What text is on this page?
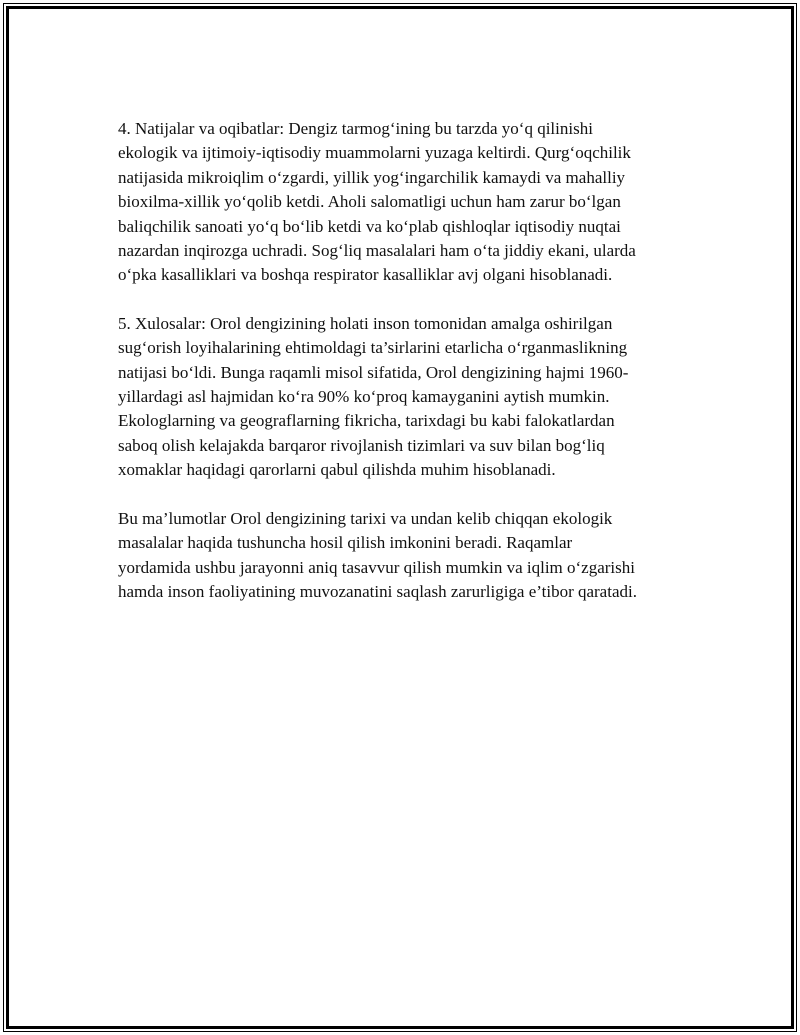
4. Natijalar va oqibatlar: Dengiz tarmog‘ining bu tarzda yo‘q qilinishi
ekologik va ijtimoiy-iqtisodiy muammolarni yuzaga keltirdi. Qurg‘oqchilik
natijasida mikroiqlim o‘zgardi, yillik yog‘ingarchilik kamaydi va mahalliy
bioxilma-xillik yo‘qolib ketdi. Aholi salomatligi uchun ham zarur bo‘lgan
baliqchilik sanoati yo‘q bo‘lib ketdi va ko‘plab qishloqlar iqtisodiy nuqtai
nazardan inqirozga uchradi. Sog‘liq masalalari ham o‘ta jiddiy ekani, ularda
o‘pka kasalliklari va boshqa respirator kasalliklar avj olgani hisoblanadi.

5. Xulosalar: Orol dengizining holati inson tomonidan amalga oshirilgan
sug‘orish loyihalarining ehtimoldagi ta’sirlarini etarlicha o‘rganmaslikning
natijasi bo‘ldi. Bunga raqamli misol sifatida, Orol dengizining hajmi 1960-
yillardagi asl hajmidan ko‘ra 90% ko‘proq kamayganini aytish mumkin.
Ekologlarning va geograflarning fikricha, tarixdagi bu kabi falokatlardan
saboq olish kelajakda barqaror rivojlanish tizimlari va suv bilan bog‘liq
xomaklar haqidagi qarorlarni qabul qilishda muhim hisoblanadi.

Bu ma’lumotlar Orol dengizining tarixi va undan kelib chiqqan ekologik
masalalar haqida tushuncha hosil qilish imkonini beradi. Raqamlar
yordamida ushbu jarayonni aniq tasavvur qilish mumkin va iqlim o‘zgarishi
hamda inson faoliyatining muvozanatini saqlash zarurligiga e’tibor qaratadi.
